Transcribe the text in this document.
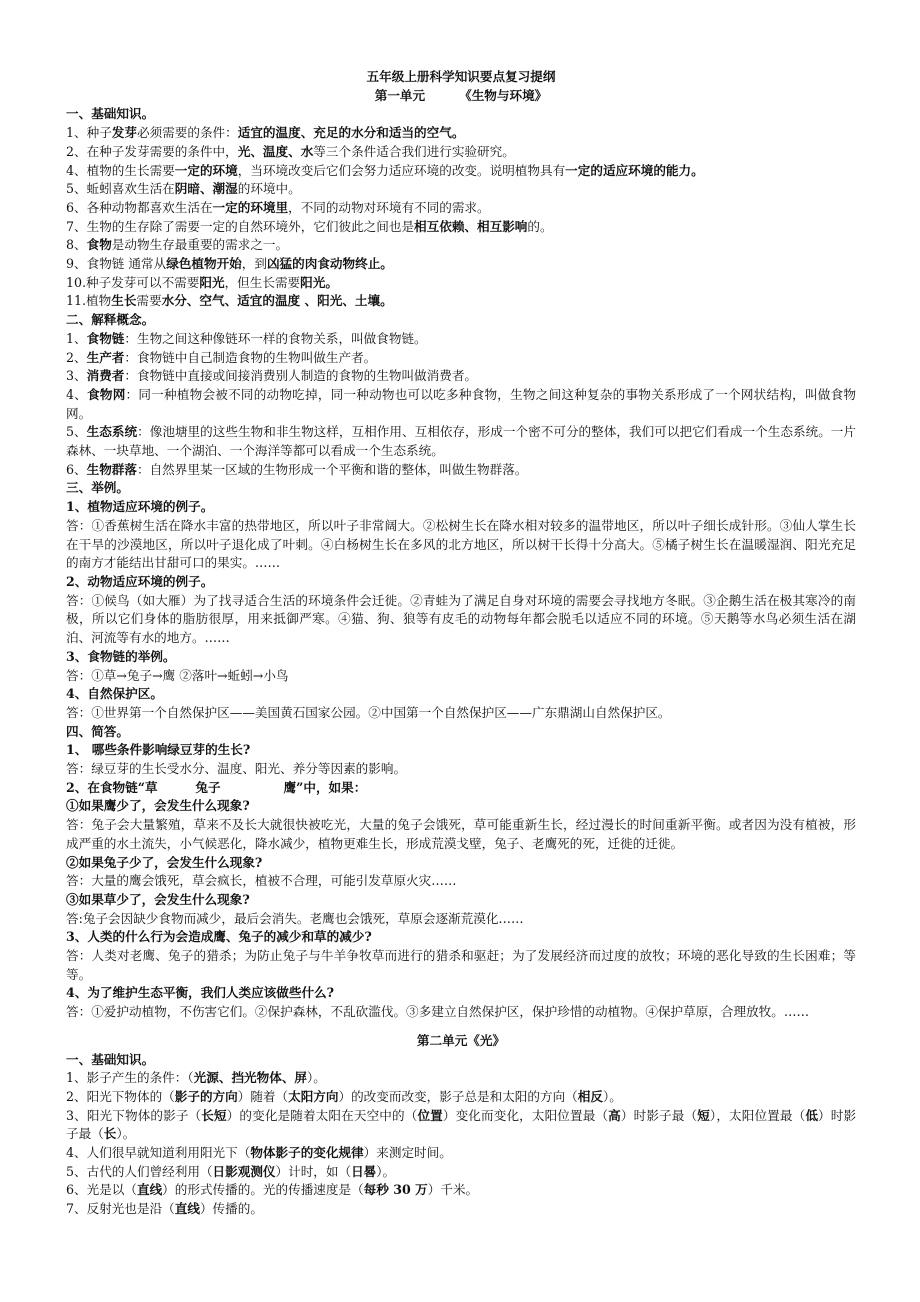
五年级上册科学知识要点复习提纲
第一单元	《生物与环境》
一、基础知识。
1、种子发芽必须需要的条件：适宜的温度、充足的水分和适当的空气。
2、在种子发芽需要的条件中，光、温度、水等三个条件适合我们进行实验研究。
4、植物的生长需要一定的环境，当环境改变后它们会努力适应环境的改变。说明植物具有一定的适应环境的能力。
5、蚯蚓喜欢生活在阴暗、潮湿的环境中。
6、各种动物都喜欢生活在一定的环境里，不同的动物对环境有不同的需求。
7、生物的生存除了需要一定的自然环境外，它们彼此之间也是相互依赖、相互影响的。
8、食物是动物生存最重要的需求之一。
9、食物链 通常从绿色植物开始，到凶猛的肉食动物终止。
10.种子发芽可以不需要阳光，但生长需要阳光。
11.植物生长需要水分、空气、适宜的温度 、阳光、土壤。
二、解释概念。
1、食物链：生物之间这种像链环一样的食物关系，叫做食物链。
2、生产者：食物链中自己制造食物的生物叫做生产者。
3、消费者：食物链中直接或间接消费别人制造的食物的生物叫做消费者。
4、食物网：同一种植物会被不同的动物吃掉，同一种动物也可以吃多种食物，生物之间这种复杂的事物关系形成了一个网状结构，叫做食物网。
5、生态系统：像池塘里的这些生物和非生物这样，互相作用、互相依存，形成一个密不可分的整体，我们可以把它们看成一个生态系统。一片森林、一块草地、一个湖泊、一个海洋等都可以看成一个生态系统。
6、生物群落：自然界里某一区域的生物形成一个平衡和谐的整体，叫做生物群落。
三、举例。
1、植物适应环境的例子。
答：①香蕉树生活在降水丰富的热带地区，所以叶子非常阔大。②松树生长在降水相对较多的温带地区，所以叶子细长成针形。③仙人掌生长在干旱的沙漠地区，所以叶子退化成了叶刺。④白杨树生长在多风的北方地区，所以树干长得十分高大。⑤橘子树生长在温暖湿润、阳光充足的南方才能结出甘甜可口的果实。……
2、动物适应环境的例子。
答：①候鸟（如大雁）为了找寻适合生活的环境条件会迁徙。②青蛙为了满足自身对环境的需要会寻找地方冬眠。③企鹅生活在极其寒冷的南极，所以它们身体的脂肪很厚，用来抵御严寒。④猫、狗、狼等有皮毛的动物每年都会脱毛以适应不同的环境。⑤天鹅等水鸟必须生活在湖泊、河流等有水的地方。……
3、食物链的举例。
答：①草→兔子→鹰 ②落叶→蚯蚓→小鸟
4、自然保护区。
答：①世界第一个自然保护区——美国黄石国家公园。②中国第一个自然保护区——广东鼎湖山自然保护区。
四、简答。
1、 哪些条件影响绿豆芽的生长?
答：绿豆芽的生长受水分、温度、阳光、养分等因素的影响。
2、在食物链“草　　　兔子　　　　　鹰”中，如果：
①如果鹰少了，会发生什么现象?
答：兔子会大量繁殖，草来不及长大就很快被吃光，大量的兔子会饿死，草可能重新生长，经过漫长的时间重新平衡。或者因为没有植被，形成严重的水土流失，小气候恶化，降水减少，植物更难生长，形成荒漠戈壁，兔子、老鹰死的死，迁徙的迁徙。
②如果兔子少了，会发生什么现象?
答：大量的鹰会饿死，草会疯长，植被不合理，可能引发草原火灾……
③如果草少了，会发生什么现象?
答:兔子会因缺少食物而减少，最后会消失。老鹰也会饿死，草原会逐渐荒漠化……
3、人类的什么行为会造成鹰、兔子的减少和草的减少?
答：人类对老鹰、兔子的猎杀；为防止兔子与牛羊争牧草而进行的猎杀和驱赶；为了发展经济而过度的放牧；环境的恶化导致的生长困难；等等。
4、为了维护生态平衡，我们人类应该做些什么?
答：①爱护动植物，不伤害它们。②保护森林，不乱砍滥伐。③多建立自然保护区，保护珍惜的动植物。④保护草原，合理放牧。……
第二单元《光》
一、基础知识。
1、影子产生的条件：（光源、挡光物体、屏）。
2、阳光下物体的（影子的方向）随着（太阳方向）的改变而改变，影子总是和太阳的方向（相反）。
3、阳光下物体的影子（长短）的变化是随着太阳在天空中的（位置）变化而变化，太阳位置最（高）时影子最（短），太阳位置最（低）时影子最（长）。
4、人们很早就知道利用阳光下（物体影子的变化规律）来测定时间。
5、古代的人们曾经利用（日影观测仪）计时，如（日晷）。
6、光是以（直线）的形式传播的。光的传播速度是（每秒 30 万）千米。
7、反射光也是沿（直线）传播的。
